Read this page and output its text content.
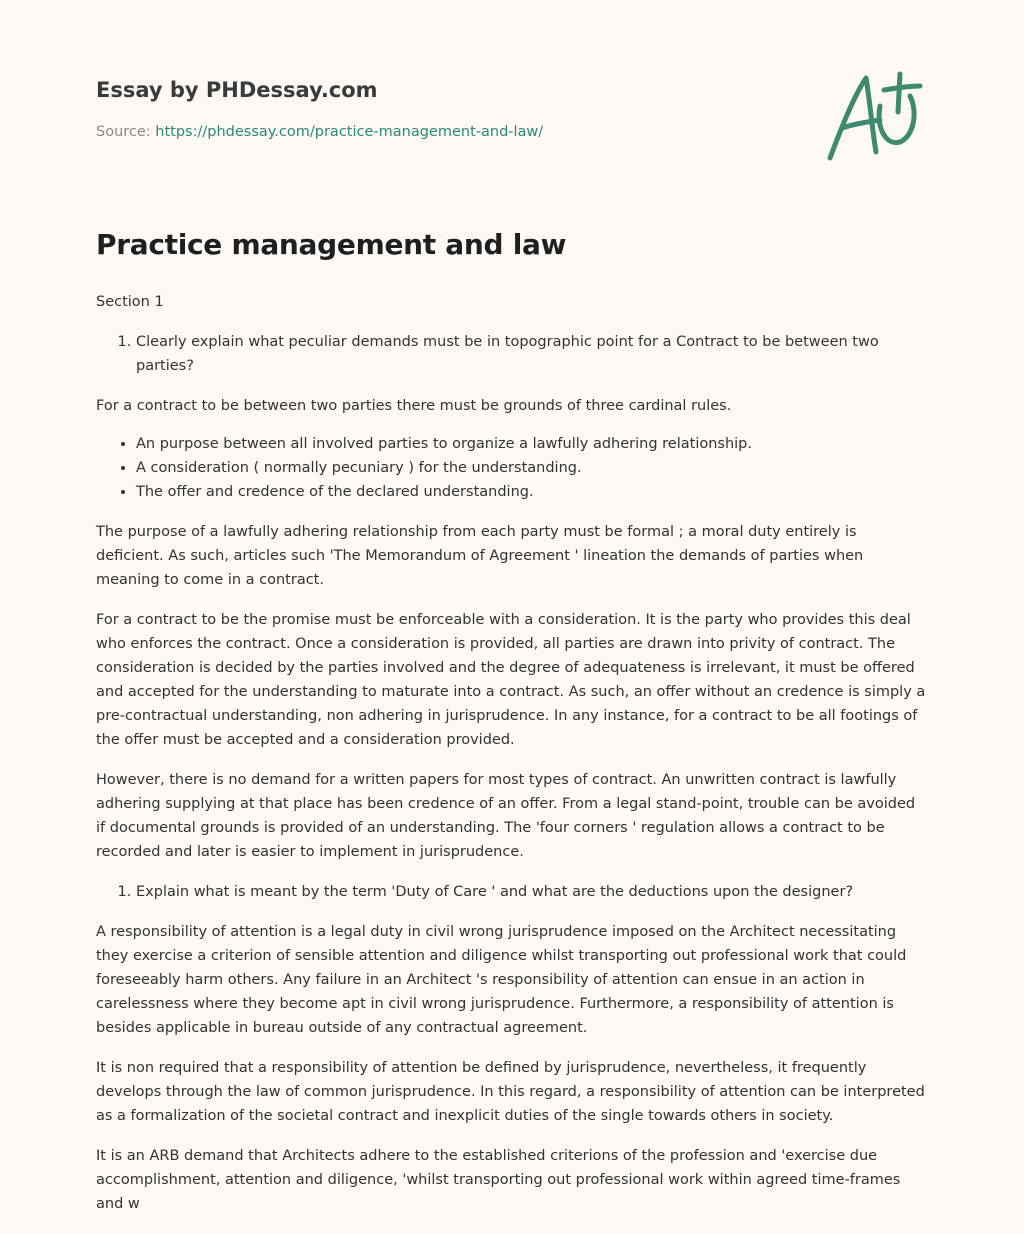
Essay by PHDessay.com
Source: https://phdessay.com/practice-management-and-law/
Practice management and law
Section 1
1. Clearly explain what peculiar demands must be in topographic point for a Contract to be between two parties?

For a contract to be between two parties there must be grounds of three cardinal rules.

• An purpose between all involved parties to organize a lawfully adhering relationship.
• A consideration ( normally pecuniary ) for the understanding.
• The offer and credence of the declared understanding.

The purpose of a lawfully adhering relationship from each party must be formal ; a moral duty entirely is deficient. As such, articles such 'The Memorandum of Agreement ' lineation the demands of parties when meaning to come in a contract.

For a contract to be the promise must be enforceable with a consideration. It is the party who provides this deal who enforces the contract. Once a consideration is provided, all parties are drawn into privity of contract. The consideration is decided by the parties involved and the degree of adequateness is irrelevant, it must be offered and accepted for the understanding to maturate into a contract. As such, an offer without an credence is simply a pre-contractual understanding, non adhering in jurisprudence. In any instance, for a contract to be all footings of the offer must be accepted and a consideration provided.

However, there is no demand for a written papers for most types of contract. An unwritten contract is lawfully adhering supplying at that place has been credence of an offer. From a legal stand-point, trouble can be avoided if documental grounds is provided of an understanding. The 'four corners ' regulation allows a contract to be recorded and later is easier to implement in jurisprudence.

1. Explain what is meant by the term 'Duty of Care ' and what are the deductions upon the designer?

A responsibility of attention is a legal duty in civil wrong jurisprudence imposed on the Architect necessitating they exercise a criterion of sensible attention and diligence whilst transporting out professional work that could foreseeably harm others. Any failure in an Architect 's responsibility of attention can ensue in an action in carelessness where they become apt in civil wrong jurisprudence. Furthermore, a responsibility of attention is besides applicable in bureau outside of any contractual agreement.

It is non required that a responsibility of attention be defined by jurisprudence, nevertheless, it frequently develops through the law of common jurisprudence. In this regard, a responsibility of attention can be interpreted as a formalization of the societal contract and inexplicit duties of the single towards others in society.

It is an ARB demand that Architects adhere to the established criterions of the profession and 'exercise due accomplishment, attention and diligence, 'whilst transporting out professional work within agreed time-frames and w
